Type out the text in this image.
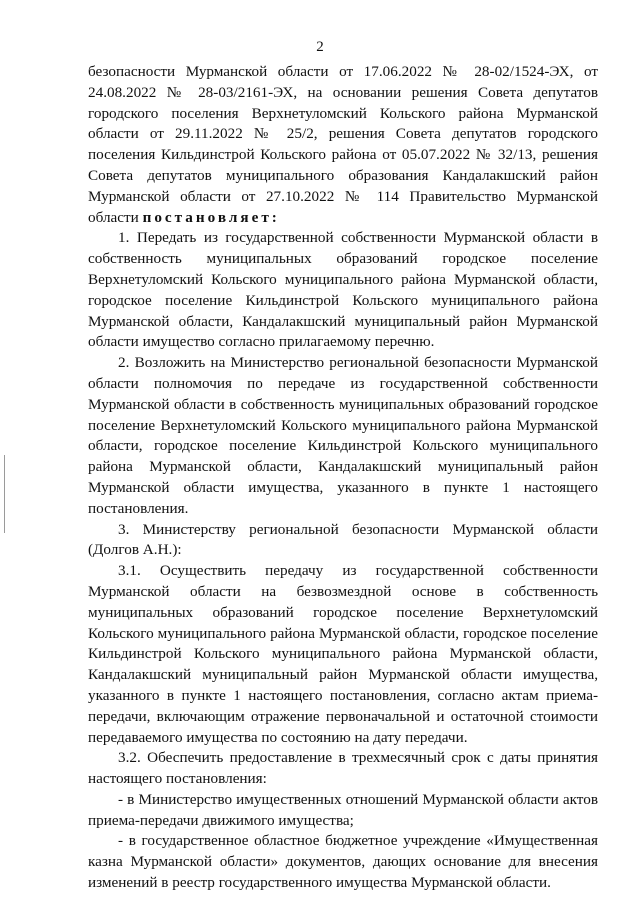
2

безопасности Мурманской области от 17.06.2022 № 28-02/1524-ЭХ, от 24.08.2022 № 28-03/2161-ЭХ, на основании решения Совета депутатов городского поселения Верхнетуломский Кольского района Мурманской области от 29.11.2022 № 25/2, решения Совета депутатов городского поселения Кильдинстрой Кольского района от 05.07.2022 № 32/13, решения Совета депутатов муниципального образования Кандалакшский район Мурманской области от 27.10.2022 № 114 Правительство Мурманской области постановляет:

1. Передать из государственной собственности Мурманской области в собственность муниципальных образований городское поселение Верхнетуломский Кольского муниципального района Мурманской области, городское поселение Кильдинстрой Кольского муниципального района Мурманской области, Кандалакшский муниципальный район Мурманской области имущество согласно прилагаемому перечню.

2. Возложить на Министерство региональной безопасности Мурманской области полномочия по передаче из государственной собственности Мурманской области в собственность муниципальных образований городское поселение Верхнетуломский Кольского муниципального района Мурманской области, городское поселение Кильдинстрой Кольского муниципального района Мурманской области, Кандалакшский муниципальный район Мурманской области имущества, указанного в пункте 1 настоящего постановления.

3. Министерству региональной безопасности Мурманской области (Долгов А.Н.):

3.1. Осуществить передачу из государственной собственности Мурманской области на безвозмездной основе в собственность муниципальных образований городское поселение Верхнетуломский Кольского муниципального района Мурманской области, городское поселение Кильдинстрой Кольского муниципального района Мурманской области, Кандалакшский муниципальный район Мурманской области имущества, указанного в пункте 1 настоящего постановления, согласно актам приема-передачи, включающим отражение первоначальной и остаточной стоимости передаваемого имущества по состоянию на дату передачи.

3.2. Обеспечить предоставление в трехмесячный срок с даты принятия настоящего постановления:

- в Министерство имущественных отношений Мурманской области актов приема-передачи движимого имущества;

- в государственное областное бюджетное учреждение «Имущественная казна Мурманской области» документов, дающих основание для внесения изменений в реестр государственного имущества Мурманской области.
